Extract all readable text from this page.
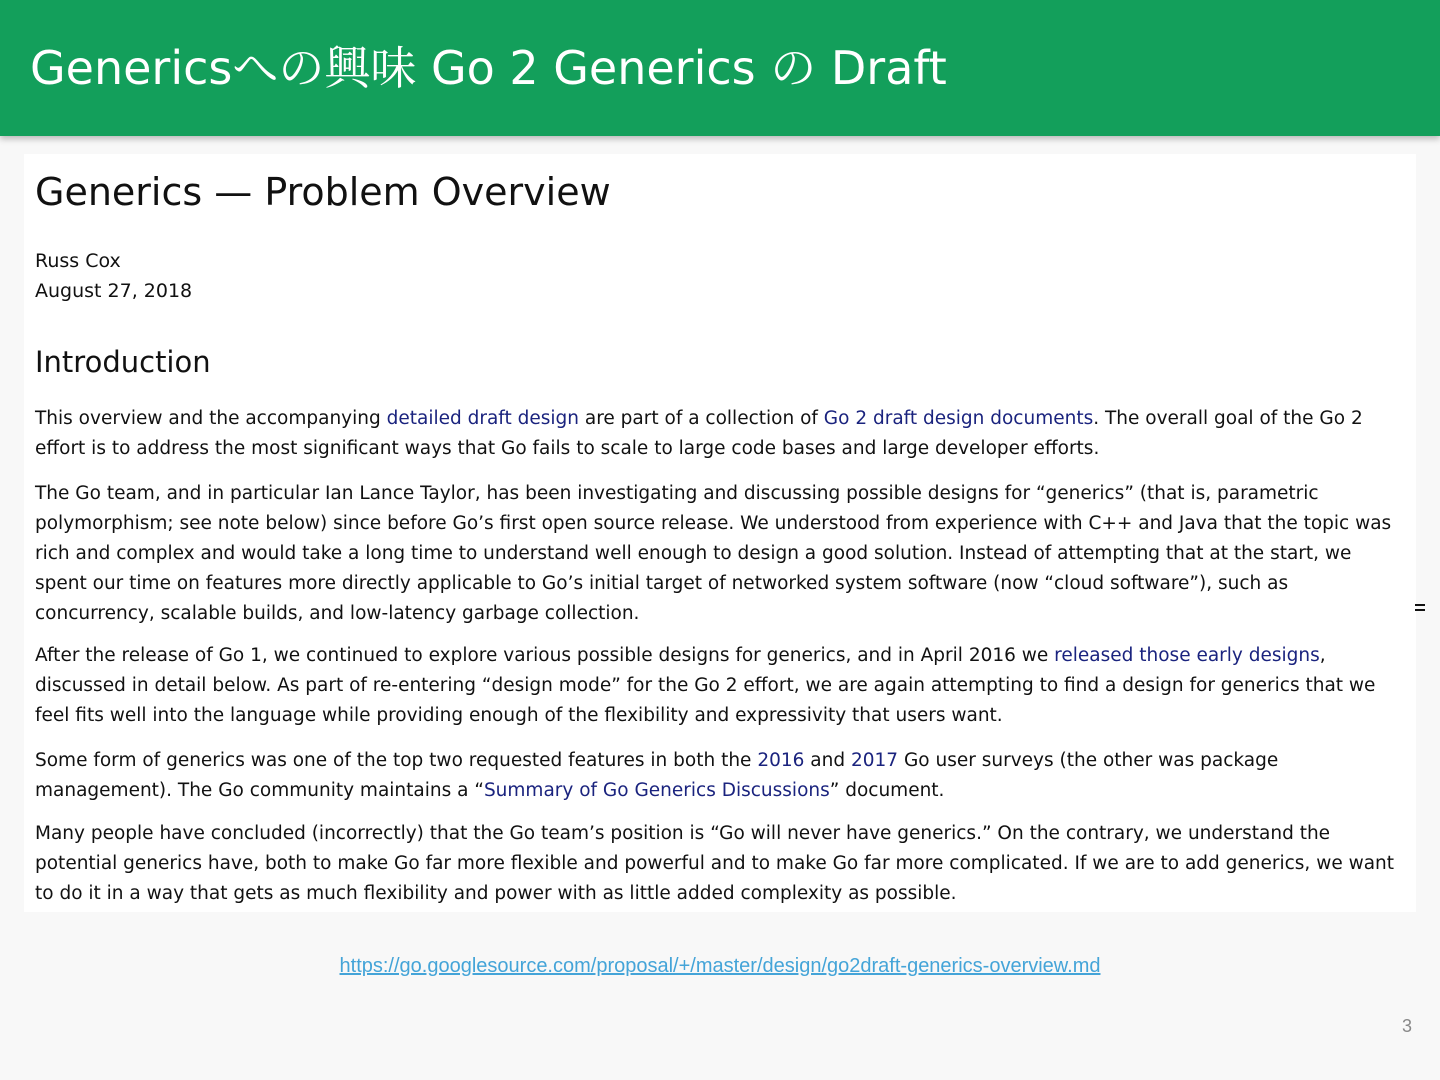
Genericsへの興味 Go 2 Generics の Draft
Generics — Problem Overview
Russ Cox
August 27, 2018
Introduction

This overview and the accompanying detailed draft design are part of a collection of Go 2 draft design documents. The overall goal of the Go 2 effort is to address the most significant ways that Go fails to scale to large code bases and large developer efforts.

The Go team, and in particular Ian Lance Taylor, has been investigating and discussing possible designs for “generics” (that is, parametric polymorphism; see note below) since before Go’s first open source release. We understood from experience with C++ and Java that the topic was rich and complex and would take a long time to understand well enough to design a good solution. Instead of attempting that at the start, we spent our time on features more directly applicable to Go’s initial target of networked system software (now “cloud software”), such as concurrency, scalable builds, and low-latency garbage collection.

After the release of Go 1, we continued to explore various possible designs for generics, and in April 2016 we released those early designs, discussed in detail below. As part of re-entering “design mode” for the Go 2 effort, we are again attempting to find a design for generics that we feel fits well into the language while providing enough of the flexibility and expressivity that users want.

Some form of generics was one of the top two requested features in both the 2016 and 2017 Go user surveys (the other was package management). The Go community maintains a “Summary of Go Generics Discussions” document.

Many people have concluded (incorrectly) that the Go team’s position is “Go will never have generics.” On the contrary, we understand the potential generics have, both to make Go far more flexible and powerful and to make Go far more complicated. If we are to add generics, we want to do it in a way that gets as much flexibility and power with as little added complexity as possible.

https://go.googlesource.com/proposal/+/master/design/go2draft-generics-overview.md
3
